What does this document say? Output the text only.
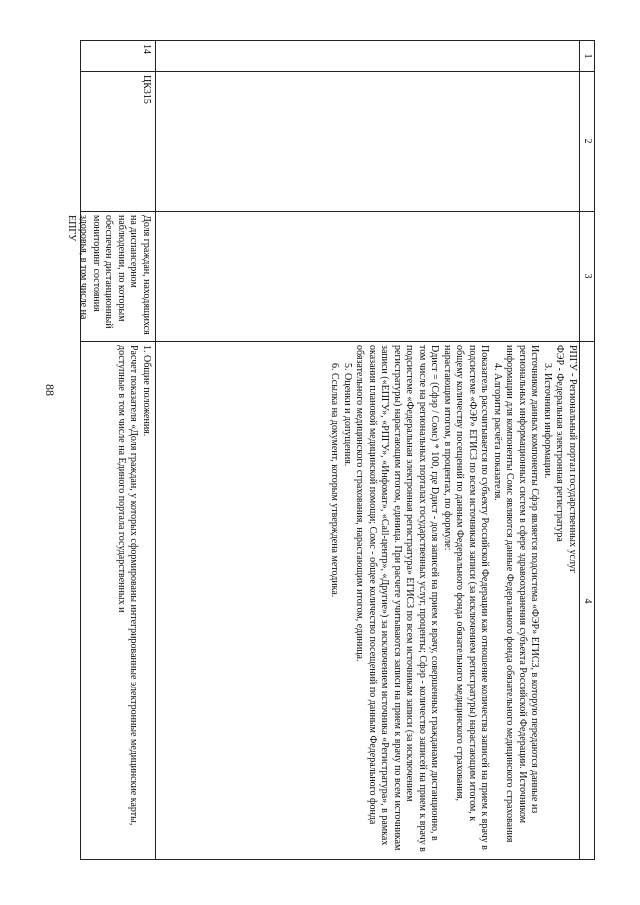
88
1
2
3
4

РПГУ - Региональный портал государственных услуг

ФЭР - Федеральная электронная регистратура

3. Источники информации.

Источником данных компоненты Сфэр является подсистема «ФЭР» ЕГИСЗ, в которую передаются данные из региональных информационных систем в сфере здравоохранения субъекта Российской Федерации. Источником информации для компоненты Сомс являются данные Федерального фонда обязательного медицинского страхования

4. Алгоритм расчёта показателя.

Показатель рассчитывается по субъекту Российской Федерации как отношение количества записей на прием к врачу в подсистеме «ФЭР» ЕГИСЗ по всем источникам записи (за исключением регистратуры) нарастающим итогом, к общему количеству посещений по данным Федерального фонда обязательного медицинского страхования, нарастающим итогом, в процентах, по формуле:

Dдист = (Сфэр / Сомс) * 100, где Dдист - доля записей на прием к врачу, совершенных гражданами дистанционно, в том числе на региональных порталах государственных услуг, проценты; Сфэр - количество записей на прием к врачу в подсистеме «Федеральная электронная регистратура» ЕГИСЗ по всем источникам записи (за исключением регистратуры) нарастающим итогом, единица. При расчете учитываются записи на прием к врачу по всем источникам записи («ЕПГУ», «РПГУ», «Инфомат», «Call-центр», «Другие») за исключением источника «Регистратура», в рамках оказания плановой медицинской помощи; Сомс - общее количество посещений по данным Федерального фонда обязательного медицинского страхования, нарастающим итогом, единица.

5. Оценки и допущения.

6. Ссылка на документ, которым утверждена методика.

14
ЦК315
Доля граждан, находящихся на диспансерном наблюдении, по которым обеспечен дистанционный мониторинг состояния здоровья, в том числе на ЕПГУ

1. Общие положения.

Расчет показателя «Доля граждан, у которых сформированы интегрированные электронные медицинские карты, доступные в том числе на Единого портала государственных и
